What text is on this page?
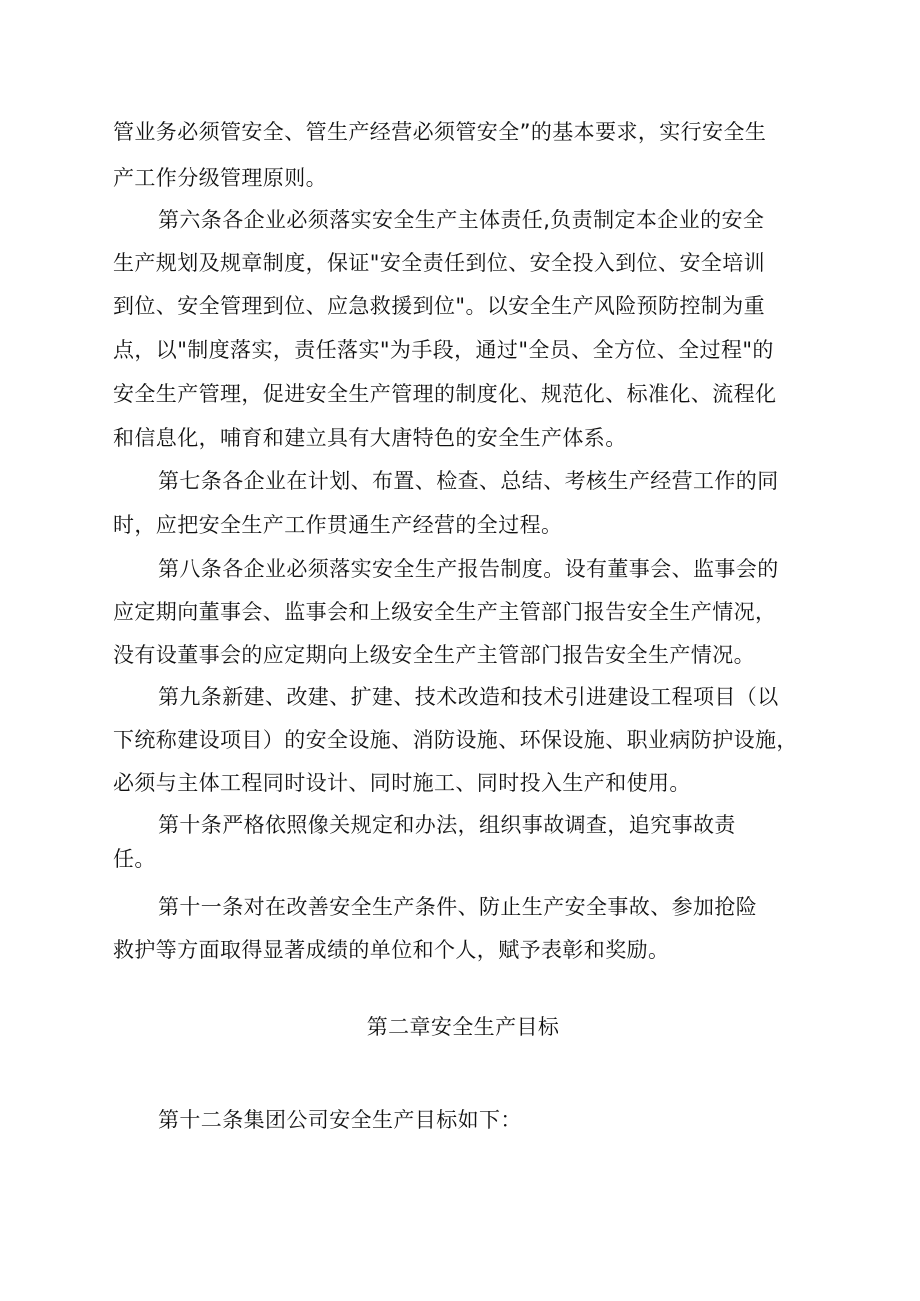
管业务必须管安全、管生产经营必须管安全”的基本要求，实行安全生
产工作分级管理原则。
第六条各企业必须落实安全生产主体责任,负责制定本企业的安全
生产规划及规章制度，保证"安全责任到位、安全投入到位、安全培训
到位、安全管理到位、应急救援到位"。以安全生产风险预防控制为重
点，以"制度落实，责任落实"为手段，通过"全员、全方位、全过程"的
安全生产管理，促进安全生产管理的制度化、规范化、标准化、流程化
和信息化，哺育和建立具有大唐特色的安全生产体系。
第七条各企业在计划、布置、检查、总结、考核生产经营工作的同
时，应把安全生产工作贯通生产经营的全过程。
第八条各企业必须落实安全生产报告制度。设有董事会、监事会的
应定期向董事会、监事会和上级安全生产主管部门报告安全生产情况，
没有设董事会的应定期向上级安全生产主管部门报告安全生产情况。
第九条新建、改建、扩建、技术改造和技术引进建设工程项目（以
下统称建设项目）的安全设施、消防设施、环保设施、职业病防护设施，
必须与主体工程同时设计、同时施工、同时投入生产和使用。
第十条严格依照像关规定和办法，组织事故调查，追究事故责
任。
第十一条对在改善安全生产条件、防止生产安全事故、参加抢险
救护等方面取得显著成绩的单位和个人，赋予表彰和奖励。
第二章安全生产目标
第十二条集团公司安全生产目标如下：
